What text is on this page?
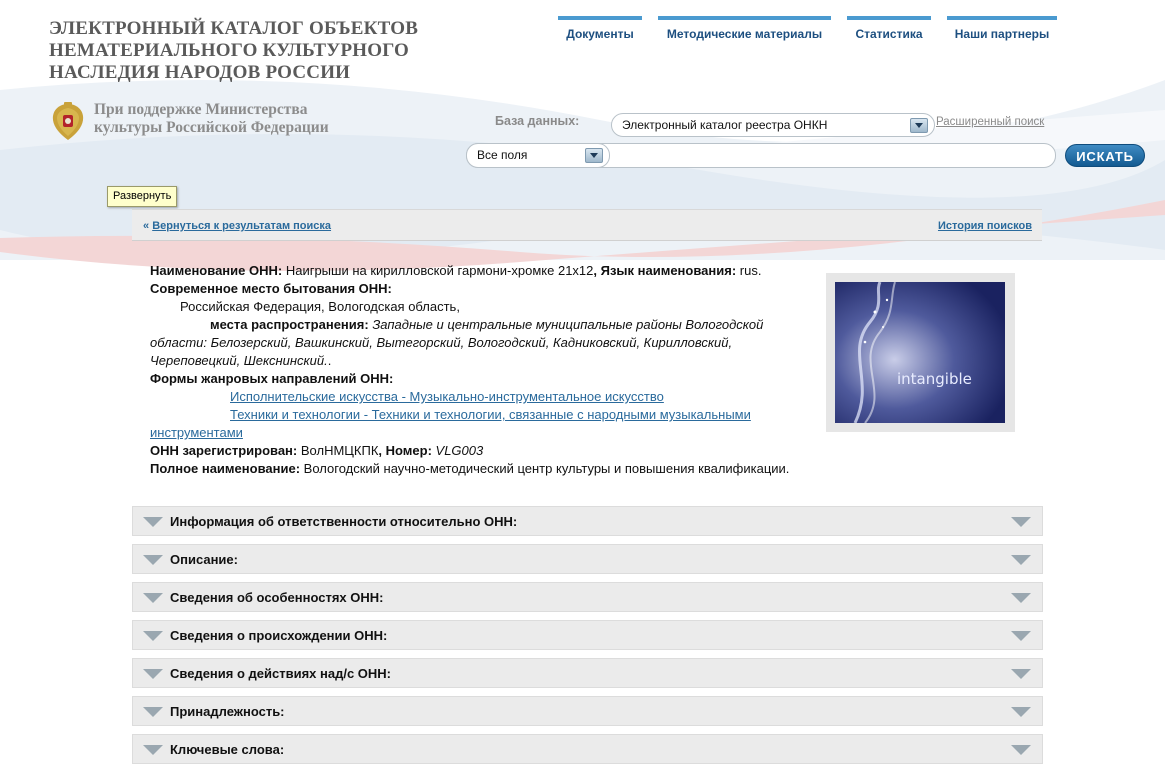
ЭЛЕКТРОННЫЙ КАТАЛОГ ОБЪЕКТОВ
НЕМАТЕРИАЛЬНОГО КУЛЬТУРНОГО
НАСЛЕДИЯ НАРОДОВ РОССИИ
При поддержке Министерства
культуры Российской Федерации
Документы	Методические материалы	Статистика	Наши партнеры
База данных:	Электронный каталог реестра ОНКН	Расширенный поиск
Все поля	ИСКАТЬ
Развернуть
« Вернуться к результатам поиска	История поисков
Наименование ОНН: Наигрыши на кирилловской гармони-хромке 21x12, Язык наименования: rus.
Современное место бытования ОНН:
Российская Федерация, Вологодская область,
места распространения: Западные и центральные муниципальные районы Вологодской области: Белозерский, Вашкинский, Вытегорский, Вологодский, Кадниковский, Кирилловский, Череповецкий, Шекснинский..
Формы жанровых направлений ОНН:
Исполнительские искусства - Музыкально-инструментальное искусство
Техники и технологии - Техники и технологии, связанные с народными музыкальными инструментами
ОНН зарегистрирован: ВолНМЦКПК, Номер: VLG003
Полное наименование: Вологодский научно-методический центр культуры и повышения квалификации.
intangible
Информация об ответственности относительно ОНН:
Описание:
Сведения об особенностях ОНН:
Сведения о происхождении ОНН:
Сведения о действиях над/с ОНН:
Принадлежность:
Ключевые слова:
